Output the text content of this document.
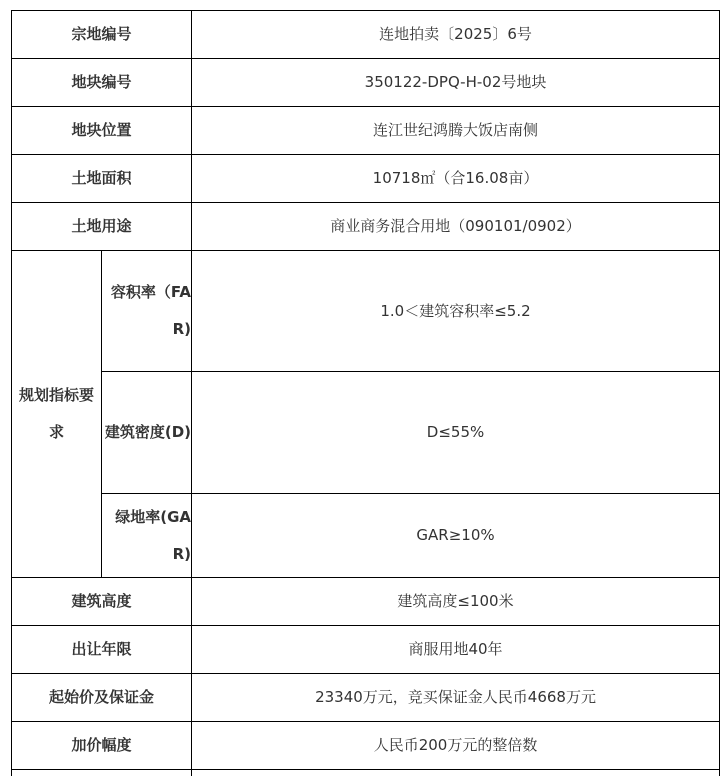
宗地编号		连地拍卖〔2025〕6号
地块编号		350122-DPQ-H-02号地块
地块位置		连江世纪鸿腾大饭店南侧
土地面积		10718㎡（合16.08亩）
土地用途		商业商务混合用地（090101/0902）
规划指标要求	容积率（FAR)	1.0＜建筑容积率≤5.2
	建筑密度(D)	D≤55%
	绿地率(GAR)	GAR≥10%
建筑高度		建筑高度≤100米
出让年限		商服用地40年
起始价及保证金		23340万元，竞买保证金人民币4668万元
加价幅度		人民币200万元的整倍数
